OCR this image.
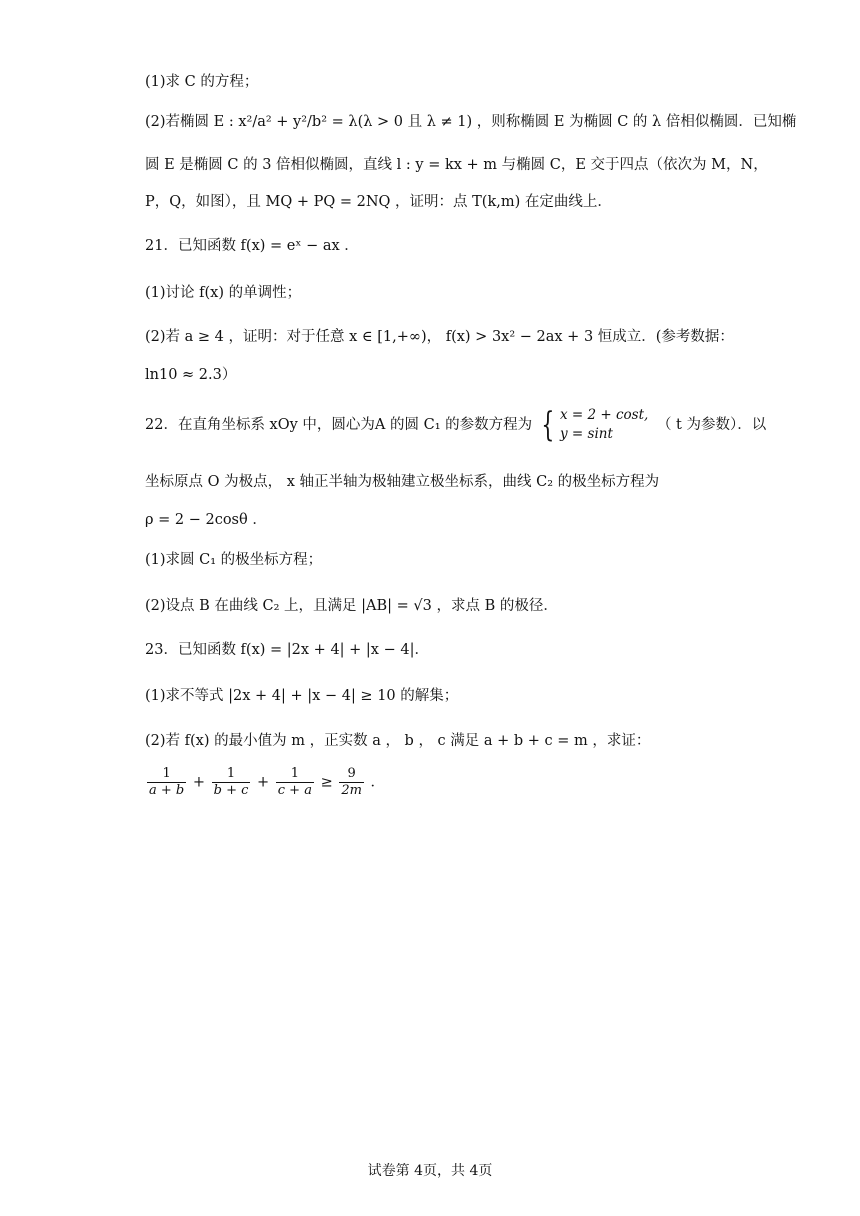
(1)求 C 的方程；
(2)若椭圆 E : x²/a² + y²/b² = λ(λ > 0 且 λ ≠ 1) ，则称椭圆 E 为椭圆 C 的 λ 倍相似椭圆．已知椭
圆 E 是椭圆 C 的 3 倍相似椭圆，直线 l : y = kx + m 与椭圆 C，E 交于四点（依次为 M，N，
P，Q，如图），且 MQ + PQ = 2NQ ，证明：点 T(k,m) 在定曲线上．
21．已知函数 f(x) = eˣ − ax ．
(1)讨论 f(x) 的单调性；
(2)若 a ≥ 4 ，证明：对于任意 x ∈ [1,+∞)， f(x) > 3x² − 2ax + 3 恒成立．(参考数据：
ln10 ≈ 2.3）
22．在直角坐标系 xOy 中，圆心为A 的圆 C₁ 的参数方程为 { x = 2 + cost,
y = sint
（ t 为参数）．以
坐标原点 O 为极点， x 轴正半轴为极轴建立极坐标系，曲线 C₂ 的极坐标方程为
ρ = 2 − 2cosθ ．
(1)求圆 C₁ 的极坐标方程；
(2)设点 B 在曲线 C₂ 上，且满足 |AB| = √3 ，求点 B 的极径．
23．已知函数 f(x) = |2x + 4| + |x − 4|．
(1)求不等式 |2x + 4| + |x − 4| ≥ 10 的解集；
(2)若 f(x) 的最小值为 m ，正实数 a ， b ， c 满足 a + b + c = m ，求证：
$\frac{1}{a + b} + \frac{1}{b + c} + \frac{1}{c + a} \ge \frac{9}{2m}$ ．
试卷第 4页，共 4页
